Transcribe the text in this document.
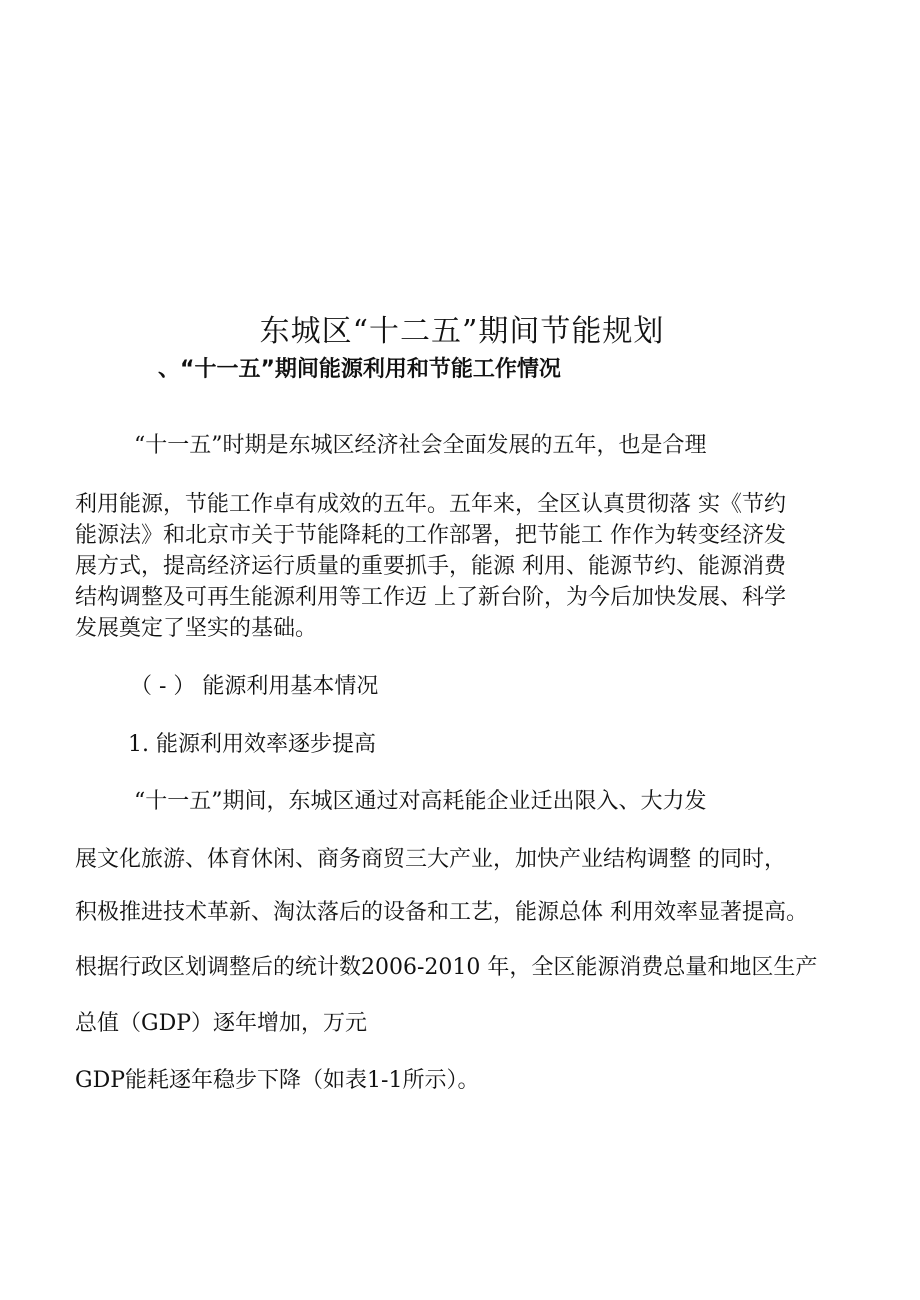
东城区“十二五”期间节能规划
、“十一五”期间能源利用和节能工作情况

“十一五”时期是东城区经济社会全面发展的五年，也是合理

利用能源，节能工作卓有成效的五年。五年来，全区认真贯彻落 实《节约
能源法》和北京市关于节能降耗的工作部署，把节能工 作作为转变经济发
展方式，提高经济运行质量的重要抓手，能源 利用、能源节约、能源消费
结构调整及可再生能源利用等工作迈 上了新台阶，为今后加快发展、科学
发展奠定了坚实的基础。

（ - ） 能源利用基本情况

1. 能源利用效率逐步提高

“十一五”期间，东城区通过对高耗能企业迁出限入、大力发

展文化旅游、体育休闲、商务商贸三大产业，加快产业结构调整 的同时，

积极推进技术革新、淘汰落后的设备和工艺，能源总体 利用效率显著提高。

根据行政区划调整后的统计数2006-2010 年，全区能源消费总量和地区生产

总值（GDP）逐年增加，万元

GDP能耗逐年稳步下降（如表1-1所示）。
